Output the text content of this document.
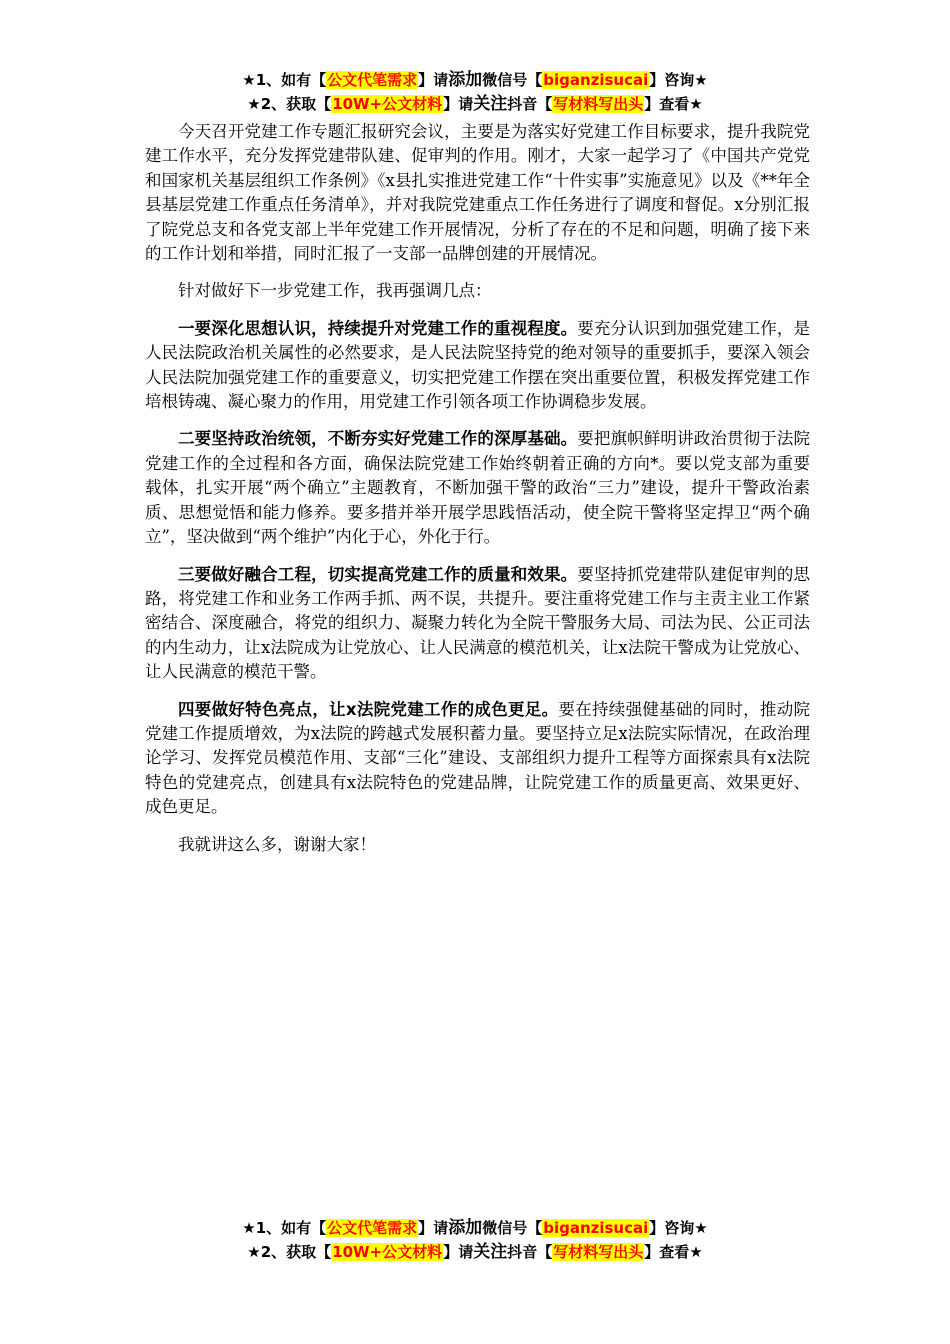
★1、如有【公文代笔需求】请添加微信号【biganzisucai】咨询★
★2、获取【10W+公文材料】请关注抖音【写材料写出头】查看★

今天召开党建工作专题汇报研究会议，主要是为落实好党建工作目标要求，提升我院党建工作水平，充分发挥党建带队建、促审判的作用。刚才，大家一起学习了《中国共产党党和国家机关基层组织工作条例》《x县扎实推进党建工作“十件实事”实施意见》以及《**年全县基层党建工作重点任务清单》，并对我院党建重点工作任务进行了调度和督促。x分别汇报了院党总支和各党支部上半年党建工作开展情况，分析了存在的不足和问题，明确了接下来的工作计划和举措，同时汇报了一支部一品牌创建的开展情况。

针对做好下一步党建工作，我再强调几点：

一要深化思想认识，持续提升对党建工作的重视程度。要充分认识到加强党建工作，是人民法院政治机关属性的必然要求，是人民法院坚持党的绝对领导的重要抓手，要深入领会人民法院加强党建工作的重要意义，切实把党建工作摆在突出重要位置，积极发挥党建工作培根铸魂、凝心聚力的作用，用党建工作引领各项工作协调稳步发展。

二要坚持政治统领，不断夯实好党建工作的深厚基础。要把旗帜鲜明讲政治贯彻于法院党建工作的全过程和各方面，确保法院党建工作始终朝着正确的方向*。要以党支部为重要载体，扎实开展“两个确立”主题教育，不断加强干警的政治“三力”建设，提升干警政治素质、思想觉悟和能力修养。要多措并举开展学思践悟活动，使全院干警将坚定捍卫“两个确立”，坚决做到“两个维护”内化于心，外化于行。

三要做好融合工程，切实提高党建工作的质量和效果。要坚持抓党建带队建促审判的思路，将党建工作和业务工作两手抓、两不误，共提升。要注重将党建工作与主责主业工作紧密结合、深度融合，将党的组织力、凝聚力转化为全院干警服务大局、司法为民、公正司法的内生动力，让x法院成为让党放心、让人民满意的模范机关，让x法院干警成为让党放心、让人民满意的模范干警。

四要做好特色亮点，让x法院党建工作的成色更足。要在持续强健基础的同时，推动院党建工作提质增效，为x法院的跨越式发展积蓄力量。要坚持立足x法院实际情况，在政治理论学习、发挥党员模范作用、支部“三化”建设、支部组织力提升工程等方面探索具有x法院特色的党建亮点，创建具有x法院特色的党建品牌，让院党建工作的质量更高、效果更好、成色更足。

我就讲这么多，谢谢大家！

★1、如有【公文代笔需求】请添加微信号【biganzisucai】咨询★
★2、获取【10W+公文材料】请关注抖音【写材料写出头】查看★
